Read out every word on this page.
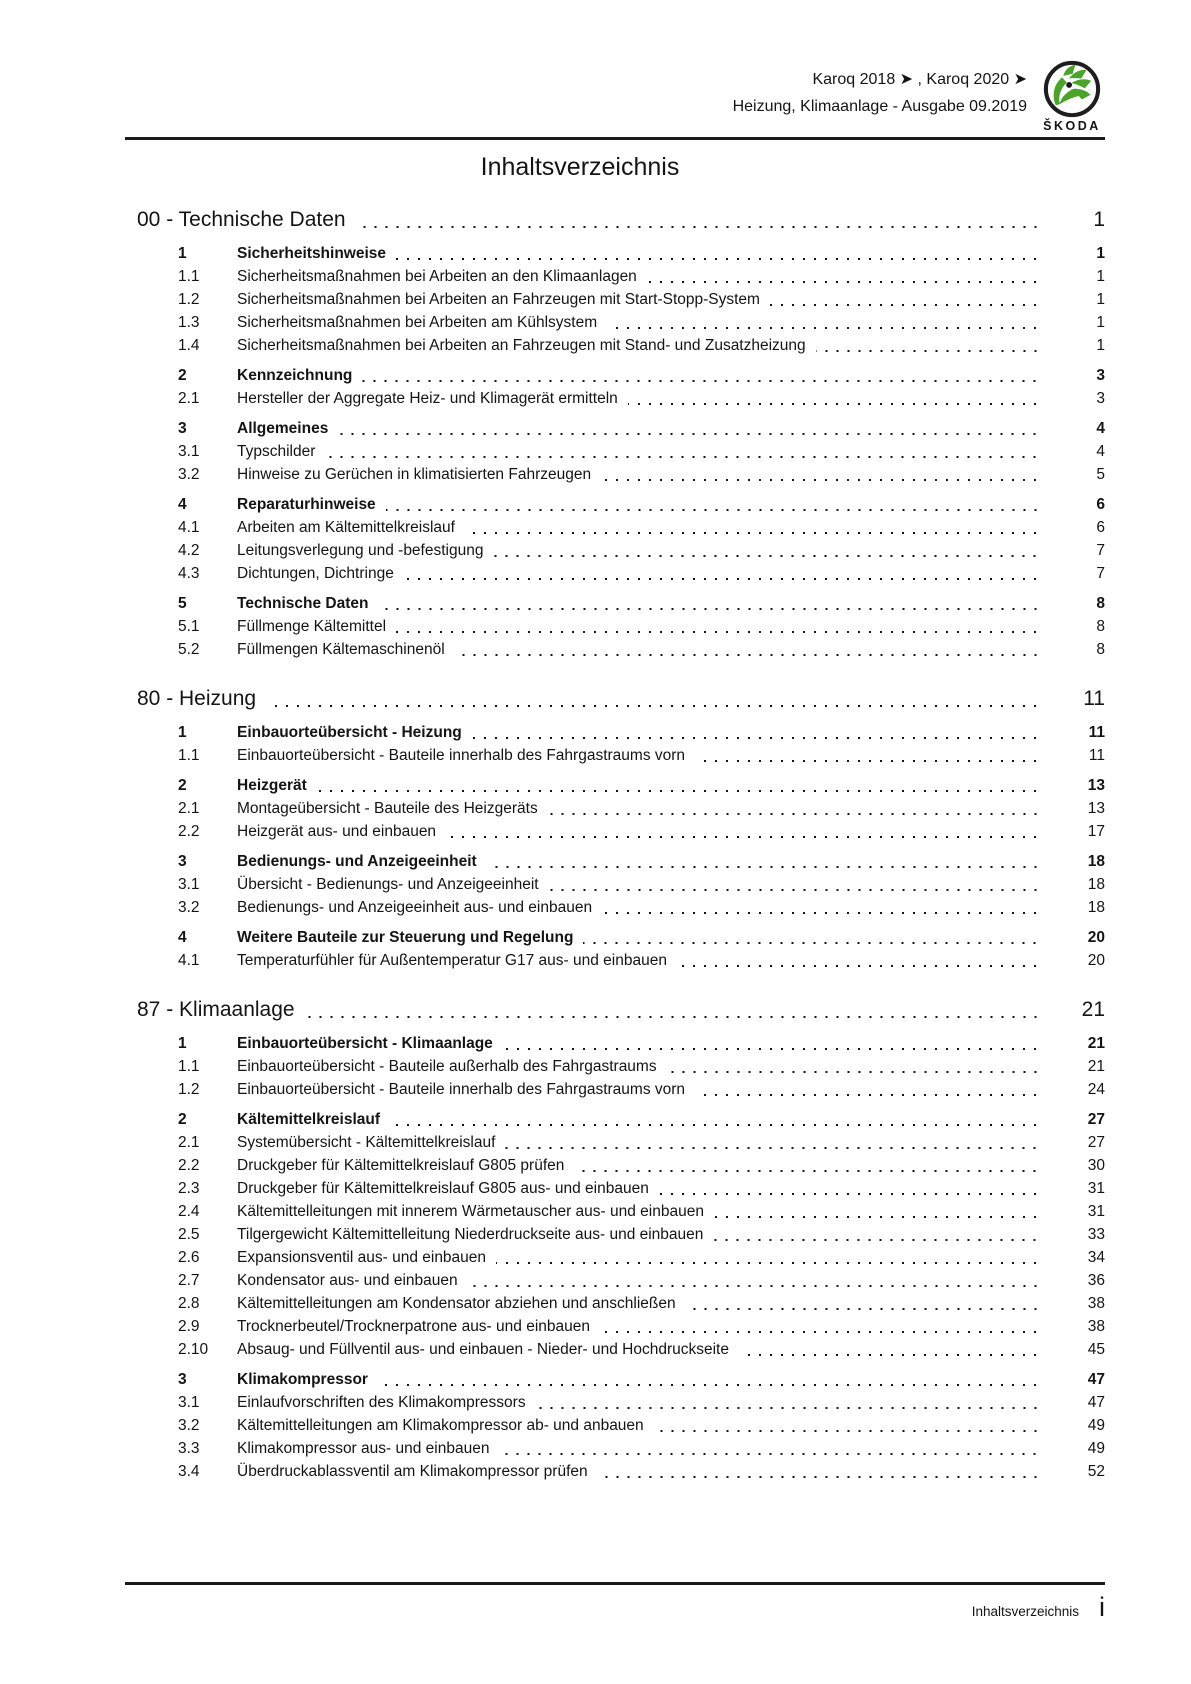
Karoq 2018 ➤ , Karoq 2020 ➤
Heizung, Klimaanlage - Ausgabe 09.2019
ŠKODA
Inhaltsverzeichnis
00 - Technische Daten	1
1	Sicherheitshinweise	1
1.1	Sicherheitsmaßnahmen bei Arbeiten an den Klimaanlagen	1
1.2	Sicherheitsmaßnahmen bei Arbeiten an Fahrzeugen mit Start-Stopp-System	1
1.3	Sicherheitsmaßnahmen bei Arbeiten am Kühlsystem	1
1.4	Sicherheitsmaßnahmen bei Arbeiten an Fahrzeugen mit Stand- und Zusatzheizung	1
2	Kennzeichnung	3
2.1	Hersteller der Aggregate Heiz- und Klimagerät ermitteln	3
3	Allgemeines	4
3.1	Typschilder	4
3.2	Hinweise zu Gerüchen in klimatisierten Fahrzeugen	5
4	Reparaturhinweise	6
4.1	Arbeiten am Kältemittelkreislauf	6
4.2	Leitungsverlegung und -befestigung	7
4.3	Dichtungen, Dichtringe	7
5	Technische Daten	8
5.1	Füllmenge Kältemittel	8
5.2	Füllmengen Kältemaschinenöl	8
80 - Heizung	11
1	Einbauorteübersicht - Heizung	11
1.1	Einbauorteübersicht - Bauteile innerhalb des Fahrgastraums vorn	11
2	Heizgerät	13
2.1	Montageübersicht - Bauteile des Heizgeräts	13
2.2	Heizgerät aus- und einbauen	17
3	Bedienungs- und Anzeigeeinheit	18
3.1	Übersicht - Bedienungs- und Anzeigeeinheit	18
3.2	Bedienungs- und Anzeigeeinheit aus- und einbauen	18
4	Weitere Bauteile zur Steuerung und Regelung	20
4.1	Temperaturfühler für Außentemperatur G17 aus- und einbauen	20
87 - Klimaanlage	21
1	Einbauorteübersicht - Klimaanlage	21
1.1	Einbauorteübersicht - Bauteile außerhalb des Fahrgastraums	21
1.2	Einbauorteübersicht - Bauteile innerhalb des Fahrgastraums vorn	24
2	Kältemittelkreislauf	27
2.1	Systemübersicht - Kältemittelkreislauf	27
2.2	Druckgeber für Kältemittelkreislauf G805 prüfen	30
2.3	Druckgeber für Kältemittelkreislauf G805 aus- und einbauen	31
2.4	Kältemittelleitungen mit innerem Wärmetauscher aus- und einbauen	31
2.5	Tilgergewicht Kältemittelleitung Niederdruckseite aus- und einbauen	33
2.6	Expansionsventil aus- und einbauen	34
2.7	Kondensator aus- und einbauen	36
2.8	Kältemittelleitungen am Kondensator abziehen und anschließen	38
2.9	Trocknerbeutel/Trocknerpatrone aus- und einbauen	38
2.10	Absaug- und Füllventil aus- und einbauen - Nieder- und Hochdruckseite	45
3	Klimakompressor	47
3.1	Einlaufvorschriften des Klimakompressors	47
3.2	Kältemittelleitungen am Klimakompressor ab- und anbauen	49
3.3	Klimakompressor aus- und einbauen	49
3.4	Überdruckablassventil am Klimakompressor prüfen	52
Inhaltsverzeichnis i
